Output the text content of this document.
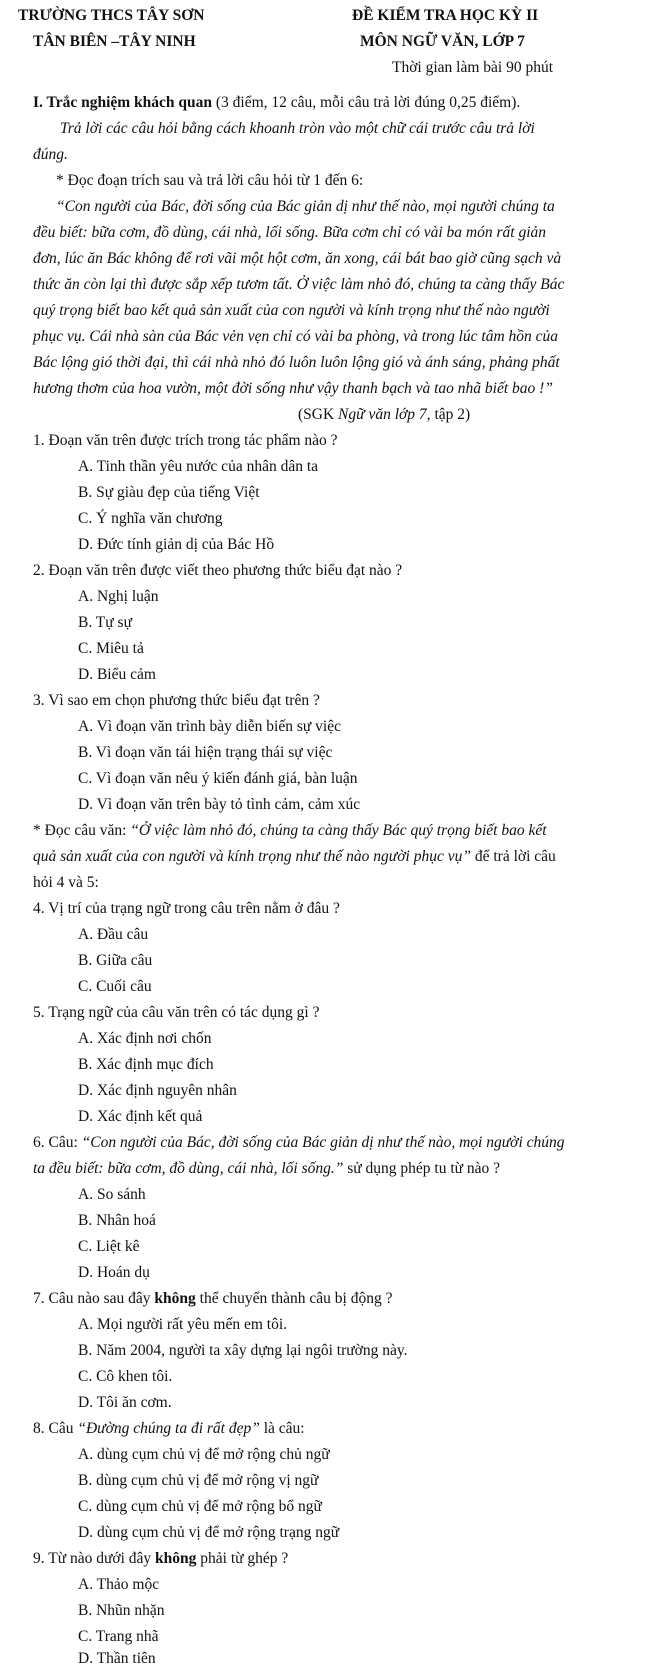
TRƯỜNG THCS TÂY SƠN
TÂN BIÊN –TÂY NINH
ĐỀ KIỂM TRA HỌC KỲ II
MÔN NGỮ VĂN, LỚP 7
Thời gian làm bài 90 phút
I. Trắc nghiệm khách quan (3 điểm, 12 câu, mỗi câu trả lời đúng 0,25 điểm).
Trả lời các câu hỏi bằng cách khoanh tròn vào một chữ cái trước câu trả lời
đúng.
* Đọc đoạn trích sau và trả lời câu hỏi từ 1 đến 6:
“Con người của Bác, đời sống của Bác giản dị như thế nào, mọi người chúng ta
đều biết: bữa cơm, đồ dùng, cái nhà, lối sống. Bữa cơm chỉ có vài ba món rất giản
đơn, lúc ăn Bác không để rơi vãi một hột cơm, ăn xong, cái bát bao giờ cũng sạch và
thức ăn còn lại thì được sắp xếp tươm tất. Ở việc làm nhỏ đó, chúng ta càng thấy Bác
quý trọng biết bao kết quả sản xuất của con người và kính trọng như thế nào người
phục vụ. Cái nhà sàn của Bác vẻn vẹn chỉ có vài ba phòng, và trong lúc tâm hồn của
Bác lộng gió thời đại, thì cái nhà nhỏ đó luôn luôn lộng gió và ánh sáng, phảng phất
hương thơm của hoa vườn, một đời sống như vậy thanh bạch và tao nhã biết bao !”
(SGK Ngữ văn lớp 7, tập 2)
1. Đoạn văn trên được trích trong tác phẩm nào ?
A. Tinh thần yêu nước của nhân dân ta
B. Sự giàu đẹp của tiếng Việt
C. Ý nghĩa văn chương
D. Đức tính giản dị của Bác Hồ
2. Đoạn văn trên được viết theo phương thức biểu đạt nào ?
A. Nghị luận
B. Tự sự
C. Miêu tả
D. Biểu cảm
3. Vì sao em chọn phương thức biểu đạt trên ?
A. Vì đoạn văn trình bày diễn biến sự việc
B. Vì đoạn văn tái hiện trạng thái sự việc
C. Vì đoạn văn nêu ý kiến đánh giá, bàn luận
D. Vì đoạn văn trên bày tỏ tình cảm, cảm xúc
* Đọc câu văn: “Ở việc làm nhỏ đó, chúng ta càng thấy Bác quý trọng biết bao kết
quả sản xuất của con người và kính trọng như thế nào người phục vụ” để trả lời câu
hỏi 4 và 5:
4. Vị trí của trạng ngữ trong câu trên nằm ở đâu ?
A. Đầu câu
B. Giữa câu
C. Cuối câu
5. Trạng ngữ của câu văn trên có tác dụng gì ?
A. Xác định nơi chốn
B. Xác định mục đích
D. Xác định nguyên nhân
D. Xác định kết quả
6. Câu: “Con người của Bác, đời sống của Bác giản dị như thế nào, mọi người chúng
ta đều biết: bữa cơm, đồ dùng, cái nhà, lối sống.” sử dụng phép tu từ nào ?
A. So sánh
B. Nhân hoá
C. Liệt kê
D. Hoán dụ
7. Câu nào sau đây không thể chuyển thành câu bị động ?
A. Mọi người rất yêu mến em tôi.
B. Năm 2004, người ta xây dựng lại ngôi trường này.
C. Cô khen tôi.
D. Tôi ăn cơm.
8. Câu “Đường chúng ta đi rất đẹp” là câu:
A. dùng cụm chủ vị để mở rộng chủ ngữ
B. dùng cụm chủ vị để mở rộng vị ngữ
C. dùng cụm chủ vị để mở rộng bổ ngữ
D. dùng cụm chủ vị để mở rộng trạng ngữ
9. Từ nào dưới đây không phải từ ghép ?
A. Thảo mộc
B. Nhũn nhặn
C. Trang nhã
D. Thần tiên
